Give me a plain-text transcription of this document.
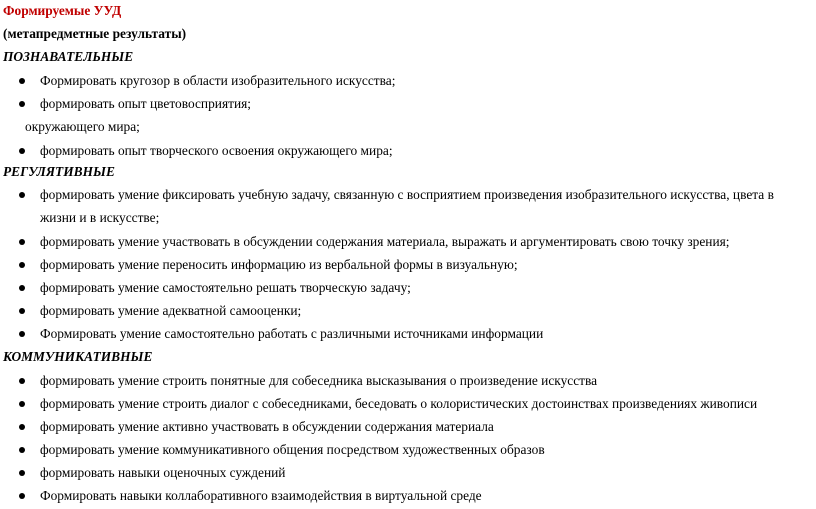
Формируемые УУД
(метапредметные результаты)
ПОЗНАВАТЕЛЬНЫЕ
Формировать кругозор в области изобразительного искусства;
формировать опыт цветовосприятия;
окружающего мира;
формировать опыт творческого освоения окружающего мира;
РЕГУЛЯТИВНЫЕ
формировать умение фиксировать учебную задачу, связанную с восприятием произведения изобразительного искусства, цвета в
жизни и в искусстве;
формировать умение участвовать в обсуждении содержания материала, выражать и аргументировать свою точку зрения;
формировать умение переносить информацию из вербальной формы в визуальную;
формировать умение самостоятельно решать творческую задачу;
формировать умение адекватной самооценки;
Формировать умение самостоятельно работать с различными источниками информации
КОММУНИКАТИВНЫЕ
формировать умение строить понятные для собеседника высказывания о произведение искусства
формировать умение строить диалог с собеседниками, беседовать о колористических достоинствах произведениях живописи
формировать умение активно участвовать в обсуждении содержания материала
формировать умение коммуникативного общения посредством художественных образов
формировать навыки оценочных суждений
Формировать навыки коллаборативного взаимодействия в виртуальной среде
